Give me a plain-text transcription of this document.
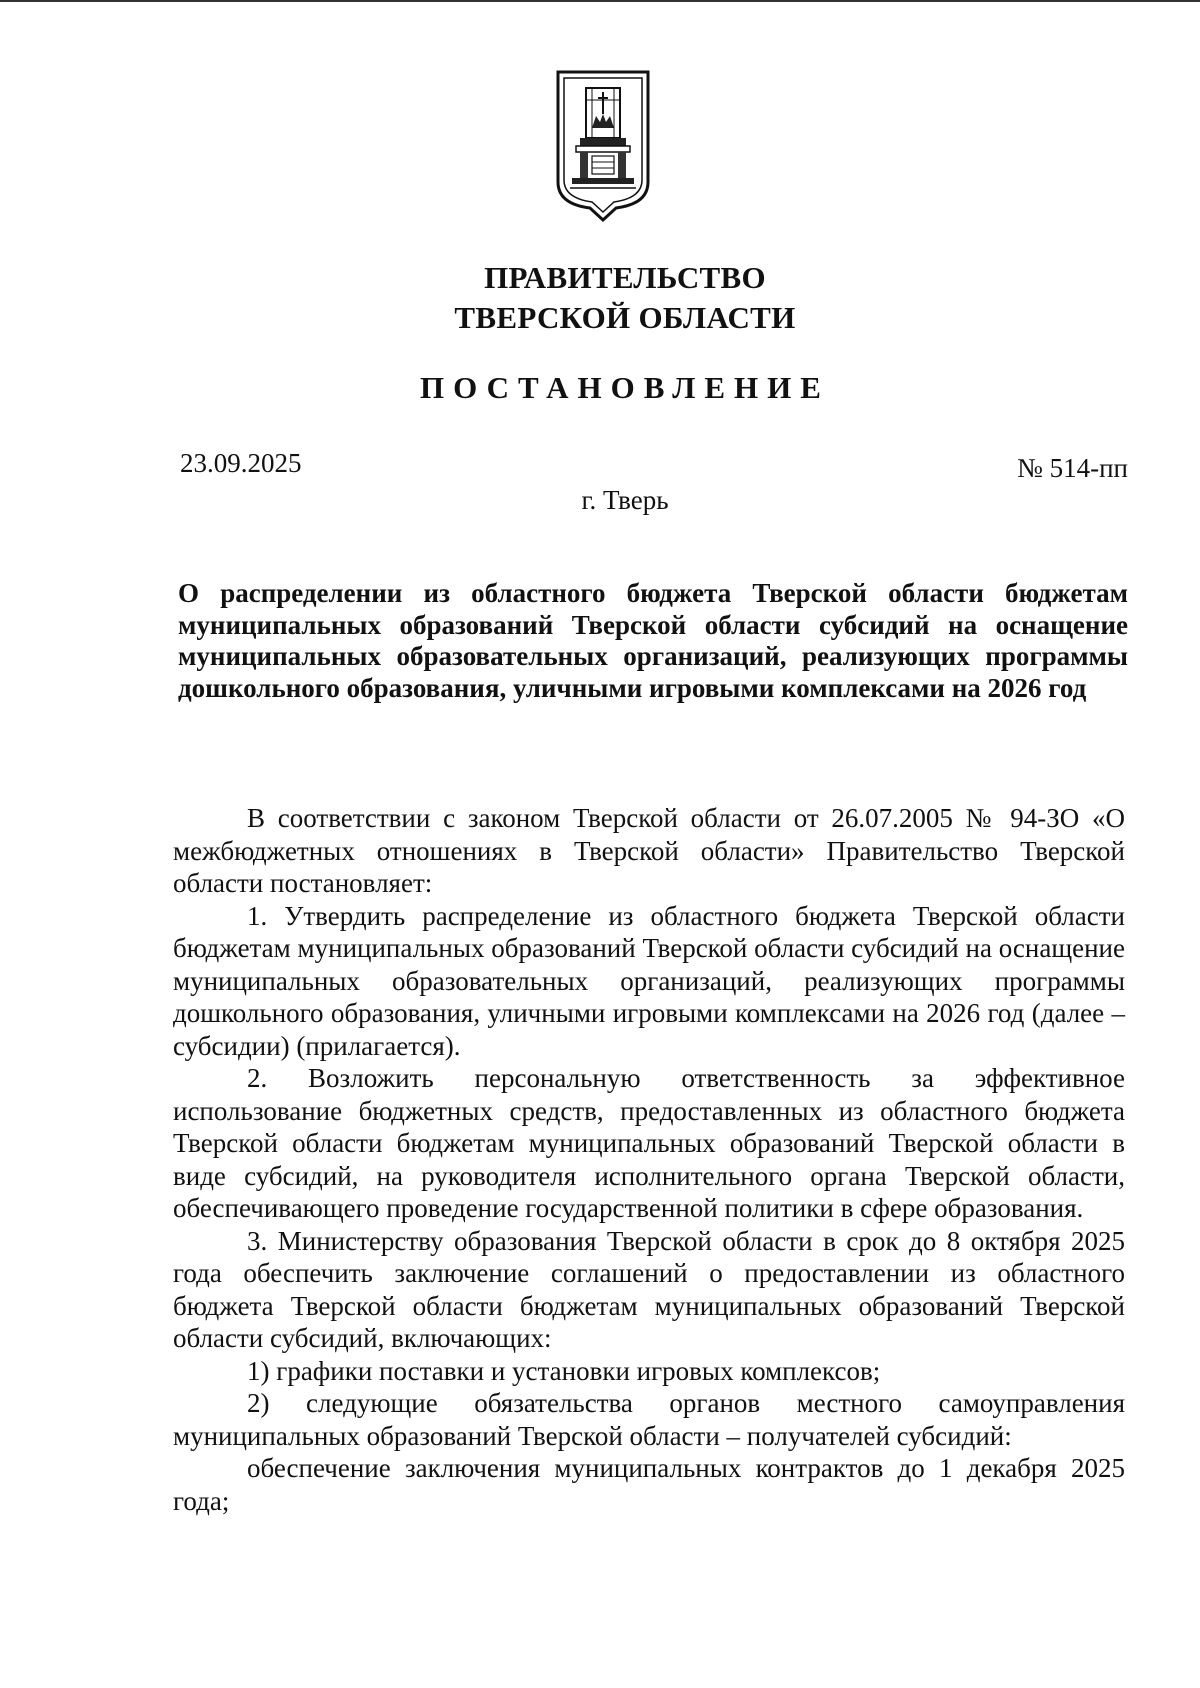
ПРАВИТЕЛЬСТВО
ТВЕРСКОЙ ОБЛАСТИ
ПОСТАНОВЛЕНИЕ
23.09.2025	№ 514-пп
г. Тверь
О распределении из областного бюджета Тверской области бюджетам муниципальных образований Тверской области субсидий на оснащение муниципальных образовательных организаций, реализующих программы дошкольного образования, уличными игровыми комплексами на 2026 год

В соответствии с законом Тверской области от 26.07.2005 № 94-ЗО «О межбюджетных отношениях в Тверской области» Правительство Тверской области постановляет:

1. Утвердить распределение из областного бюджета Тверской области бюджетам муниципальных образований Тверской области субсидий на оснащение муниципальных образовательных организаций, реализующих программы дошкольного образования, уличными игровыми комплексами на 2026 год (далее – субсидии) (прилагается).

2. Возложить персональную ответственность за эффективное использование бюджетных средств, предоставленных из областного бюджета Тверской области бюджетам муниципальных образований Тверской области в виде субсидий, на руководителя исполнительного органа Тверской области, обеспечивающего проведение государственной политики в сфере образования.

3. Министерству образования Тверской области в срок до 8 октября 2025 года обеспечить заключение соглашений о предоставлении из областного бюджета Тверской области бюджетам муниципальных образований Тверской области субсидий, включающих:

1) графики поставки и установки игровых комплексов;

2) следующие обязательства органов местного самоуправления муниципальных образований Тверской области – получателей субсидий:

обеспечение заключения муниципальных контрактов до 1 декабря 2025 года;
